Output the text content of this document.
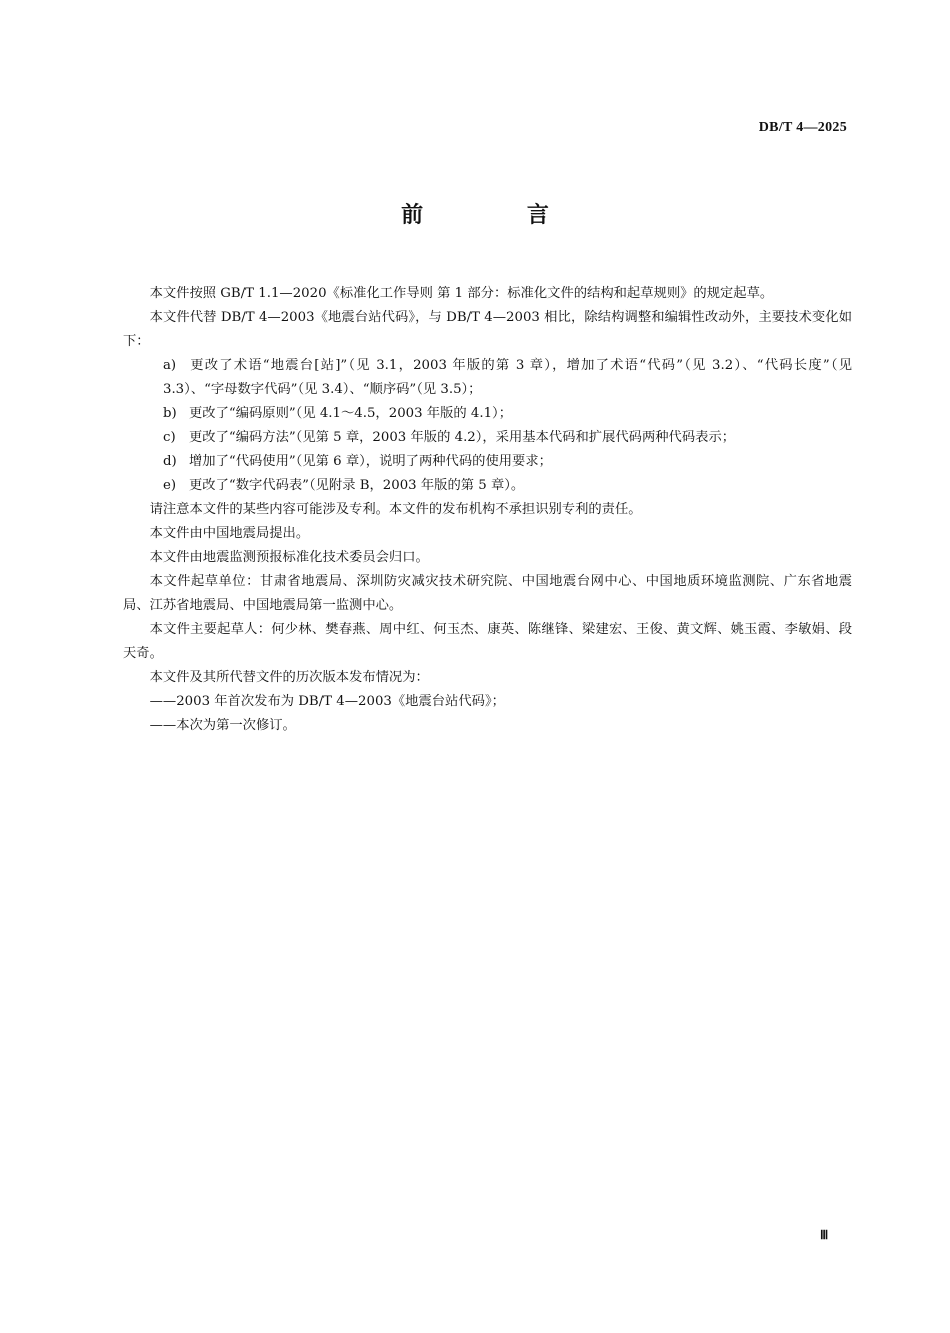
DB/T 4—2025
前 言

本文件按照 GB/T 1.1—2020《标准化工作导则 第 1 部分：标准化文件的结构和起草规则》的规定起草。

本文件代替 DB/T 4—2003《地震台站代码》，与 DB/T 4—2003 相比，除结构调整和编辑性改动外，主要技术变化如下：

a) 更改了术语“地震台[站]”（见 3.1，2003 年版的第 3 章），增加了术语“代码”（见 3.2）、“代码长度”（见 3.3）、“字母数字代码”（见 3.4）、“顺序码”（见 3.5）；

b) 更改了“编码原则”（见 4.1～4.5，2003 年版的 4.1）；

c) 更改了“编码方法”（见第 5 章，2003 年版的 4.2），采用基本代码和扩展代码两种代码表示；

d) 增加了“代码使用”（见第 6 章），说明了两种代码的使用要求；

e) 更改了“数字代码表”（见附录 B，2003 年版的第 5 章）。

请注意本文件的某些内容可能涉及专利。本文件的发布机构不承担识别专利的责任。

本文件由中国地震局提出。

本文件由地震监测预报标准化技术委员会归口。

本文件起草单位：甘肃省地震局、深圳防灾减灾技术研究院、中国地震台网中心、中国地质环境监测院、广东省地震局、江苏省地震局、中国地震局第一监测中心。

本文件主要起草人：何少林、樊春燕、周中红、何玉杰、康英、陈继锋、梁建宏、王俊、黄文辉、姚玉霞、李敏娟、段天奇。

本文件及其所代替文件的历次版本发布情况为：

——2003 年首次发布为 DB/T 4—2003《地震台站代码》；

——本次为第一次修订。

Ⅲ
